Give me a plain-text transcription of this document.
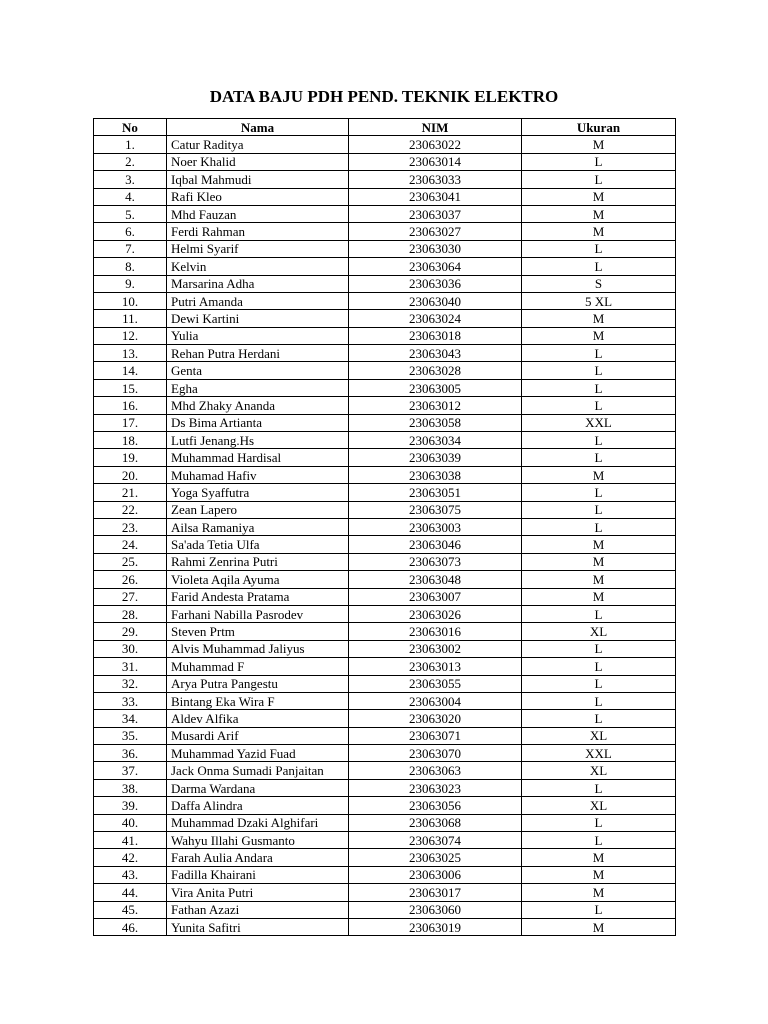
DATA BAJU PDH PEND. TEKNIK ELEKTRO
No	Nama	NIM	Ukuran
1.	Catur Raditya	23063022	M
2.	Noer Khalid	23063014	L
3.	Iqbal Mahmudi	23063033	L
4.	Rafi Kleo	23063041	M
5.	Mhd Fauzan	23063037	M
6.	Ferdi Rahman	23063027	M
7.	Helmi Syarif	23063030	L
8.	Kelvin	23063064	L
9.	Marsarina Adha	23063036	S
10.	Putri Amanda	23063040	5 XL
11.	Dewi Kartini	23063024	M
12.	Yulia	23063018	M
13.	Rehan Putra Herdani	23063043	L
14.	Genta	23063028	L
15.	Egha	23063005	L
16.	Mhd Zhaky Ananda	23063012	L
17.	Ds Bima Artianta	23063058	XXL
18.	Lutfi Jenang.Hs	23063034	L
19.	Muhammad Hardisal	23063039	L
20.	Muhamad Hafiv	23063038	M
21.	Yoga Syaffutra	23063051	L
22.	Zean Lapero	23063075	L
23.	Ailsa Ramaniya	23063003	L
24.	Sa'ada Tetia Ulfa	23063046	M
25.	Rahmi Zenrina Putri	23063073	M
26.	Violeta Aqila Ayuma	23063048	M
27.	Farid Andesta Pratama	23063007	M
28.	Farhani Nabilla Pasrodev	23063026	L
29.	Steven Prtm	23063016	XL
30.	Alvis Muhammad Jaliyus	23063002	L
31.	Muhammad F	23063013	L
32.	Arya Putra Pangestu	23063055	L
33.	Bintang Eka Wira F	23063004	L
34.	Aldev Alfika	23063020	L
35.	Musardi Arif	23063071	XL
36.	Muhammad Yazid Fuad	23063070	XXL
37.	Jack Onma Sumadi Panjaitan	23063063	XL
38.	Darma Wardana	23063023	L
39.	Daffa Alindra	23063056	XL
40.	Muhammad Dzaki Alghifari	23063068	L
41.	Wahyu Illahi Gusmanto	23063074	L
42.	Farah Aulia Andara	23063025	M
43.	Fadilla Khairani	23063006	M
44.	Vira Anita Putri	23063017	M
45.	Fathan Azazi	23063060	L
46.	Yunita Safitri	23063019	M
